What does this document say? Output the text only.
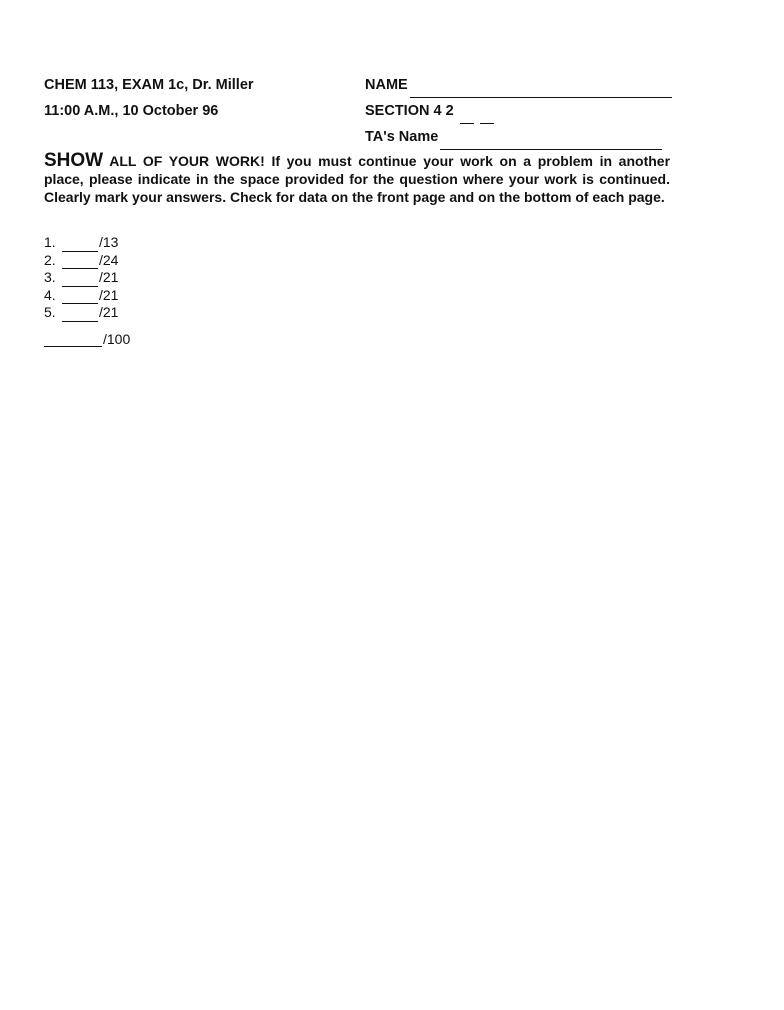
CHEM 113, EXAM 1c, Dr. Miller
11:00 A.M., 10 October 96
NAME
SECTION 4 2
TA's Name
SHOW ALL OF YOUR WORK! If you must continue your work on a problem in another place, please indicate in the space provided for the question where your work is continued. Clearly mark your answers. Check for data on the front page and on the bottom of each page.
1.	/13
2.	/24
3.	/21
4.	/21
5.	/21
/100
